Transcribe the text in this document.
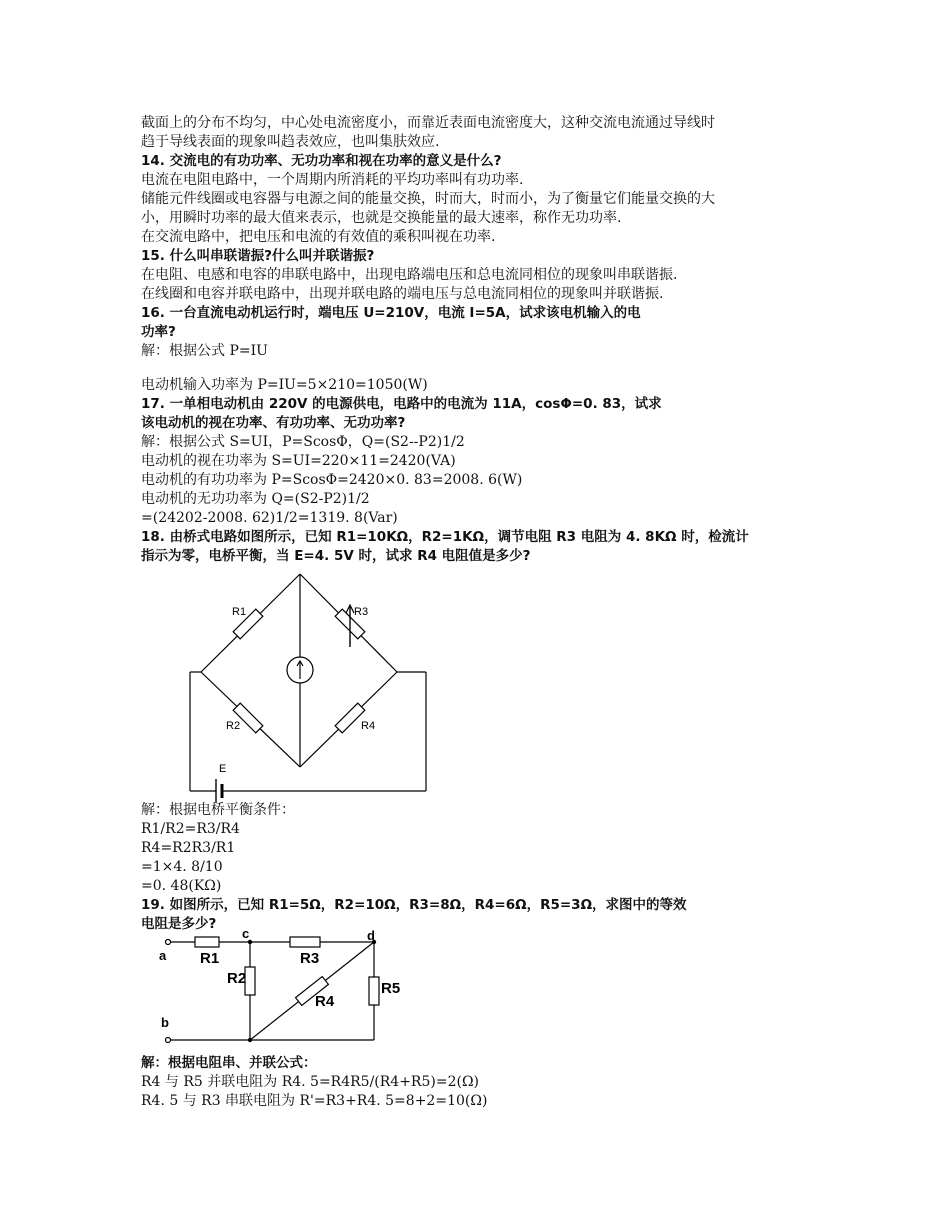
截面上的分布不均匀，中心处电流密度小，而靠近表面电流密度大，这种交流电流通过导线时
趋于导线表面的现象叫趋表效应，也叫集肤效应.
14. 交流电的有功功率、无功功率和视在功率的意义是什么?
电流在电阻电路中，一个周期内所消耗的平均功率叫有功功率.
储能元件线圈或电容器与电源之间的能量交换，时而大，时而小，为了衡量它们能量交换的大
小，用瞬时功率的最大值来表示，也就是交换能量的最大速率，称作无功功率.
在交流电路中，把电压和电流的有效值的乘积叫视在功率.
15. 什么叫串联谐振?什么叫并联谐振?
在电阻、电感和电容的串联电路中，出现电路端电压和总电流同相位的现象叫串联谐振.
在线圈和电容并联电路中，出现并联电路的端电压与总电流同相位的现象叫并联谐振.
16. 一台直流电动机运行时，端电压 U=210V，电流 I=5A，试求该电机输入的电
功率?
解：根据公式 P=IU
电动机输入功率为 P=IU=5×210=1050(W)
17. 一单相电动机由 220V 的电源供电，电路中的电流为 11A，cosΦ=0. 83，试求
该电动机的视在功率、有功功率、无功功率?
解：根据公式 S=UI，P=ScosΦ，Q=(S2--P2)1/2
电动机的视在功率为 S=UI=220×11=2420(VA)
电动机的有功功率为 P=ScosΦ=2420×0. 83=2008. 6(W)
电动机的无功功率为 Q=(S2-P2)1/2
=(24202-2008. 62)1/2=1319. 8(Var)
18. 由桥式电路如图所示，已知 R1=10KΩ，R2=1KΩ，调节电阻 R3 电阻为 4. 8KΩ 时，检流计
指示为零，电桥平衡，当 E=4. 5V 时，试求 R4 电阻值是多少?
R1	R3
R2	R4
E
解：根据电桥平衡条件：
R1/R2=R3/R4
R4=R2R3/R1
=1×4. 8/10
=0. 48(KΩ)
19. 如图所示，已知 R1=5Ω，R2=10Ω，R3=8Ω，R4=6Ω，R5=3Ω，求图中的等效
电阻是多少?
a
b
c	d
R1	R3
R2
R4
R5
解：根据电阻串、并联公式：
R4 与 R5 并联电阻为 R4. 5=R4R5/(R4+R5)=2(Ω)
R4. 5 与 R3 串联电阻为 R'=R3+R4. 5=8+2=10(Ω)
